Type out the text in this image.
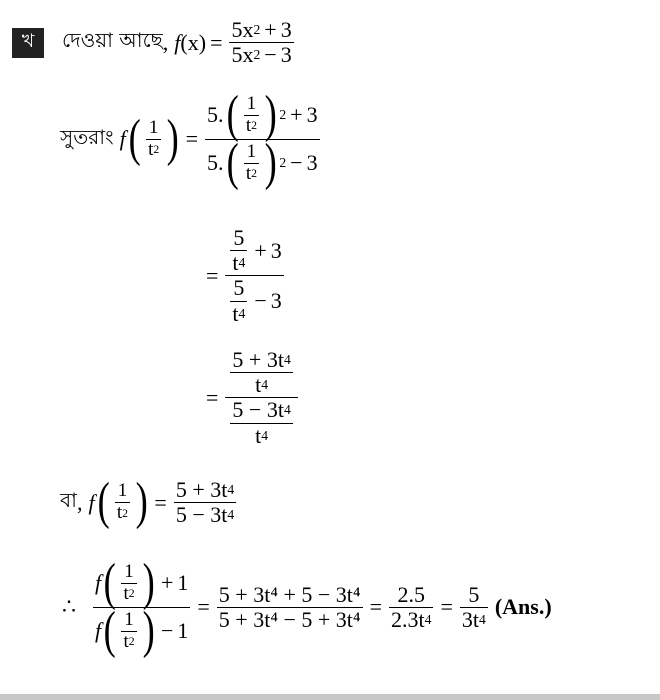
খ	দেওয়া আছে , f $(x) = \frac{5 x 2 + 3}{5 x 2 - 3}$
সুতরাং f ( $\frac{1}{t 2}$ ) = $\frac{5. ( \frac{1}{t 2} ) 2 + 3}{5. ( \frac{1}{t 2} ) 2 - 3}$
= $\frac{\frac{5}{t 4} + 3}{\frac{5}{t 4} - 3}$
= $\frac{\frac{5 + 3t 4}{t 4}}{\frac{5 - 3t 4}{t 4}}$
বা , f ( $\frac{1}{t 2}$ ) = $\frac{5 + 3t 4}{5 - 3t 4}$
∴ $\frac{f ( \frac{1}{t 2} ) + 1}{f ( \frac{1}{t 2} ) - 1} = \frac{\text{5 + 3t⁴ + 5 − 3t⁴}}{\text{5 + 3t⁴ − 5 + 3t⁴}} = \frac{2.5}{2.3 t 4} = \frac{5}{3t 4} (Ans.)$
